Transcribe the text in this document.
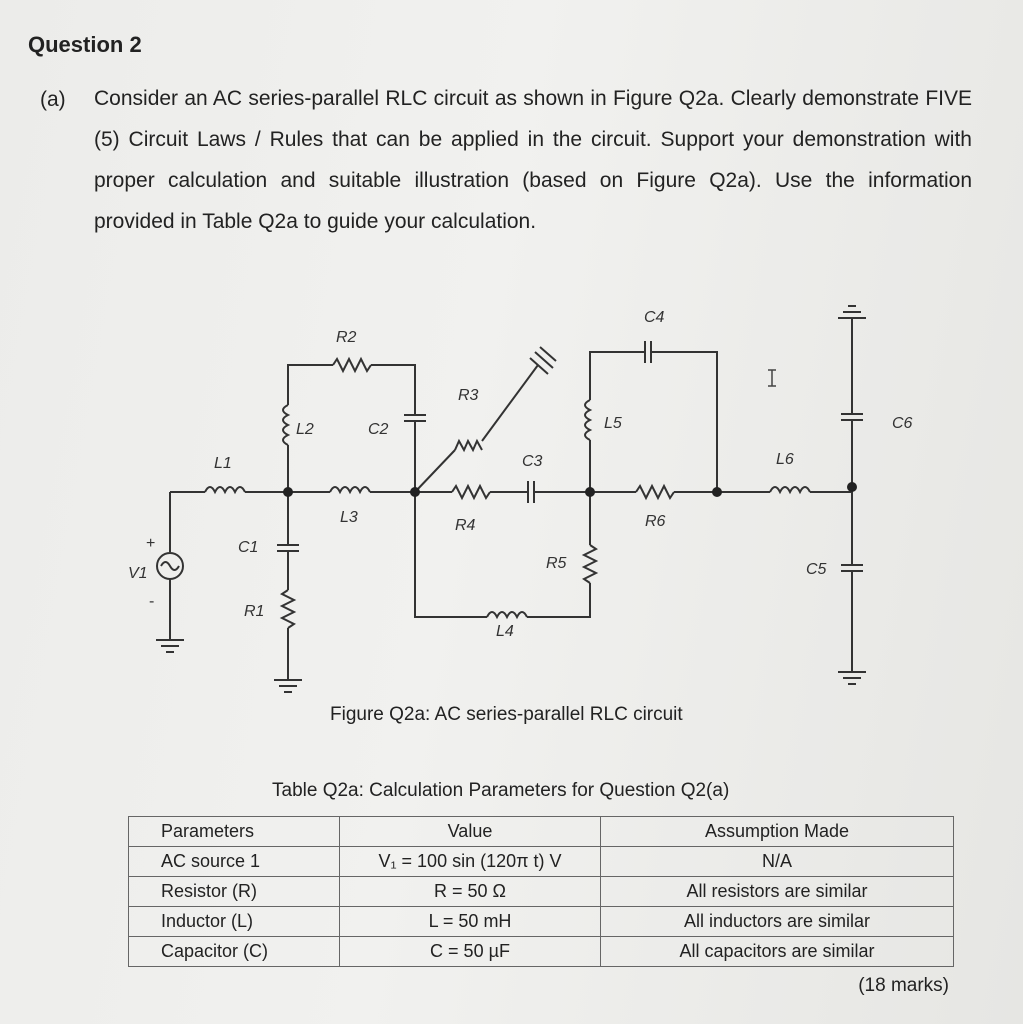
Question 2
(a) Consider an AC series-parallel RLC circuit as shown in Figure Q2a. Clearly demonstrate FIVE (5) Circuit Laws / Rules that can be applied in the circuit. Support your demonstration with proper calculation and suitable illustration (based on Figure Q2a). Use the information provided in Table Q2a to guide your calculation.
R2
R3
R4
R5
R6
R1
L1
L2
L3
L4
L5
L6
C1
C2
C3
C4
C5
C6
V1
+
-
Figure Q2a: AC series-parallel RLC circuit
Table Q2a: Calculation Parameters for Question Q2(a)
Parameters	Value	Assumption Made
AC source 1	V₁ = 100 sin (120π t) V	N/A
Resistor (R)	R = 50 Ω	All resistors are similar
Inductor (L)	L = 50 mH	All inductors are similar
Capacitor (C)	C = 50 µF	All capacitors are similar
(18 marks)
